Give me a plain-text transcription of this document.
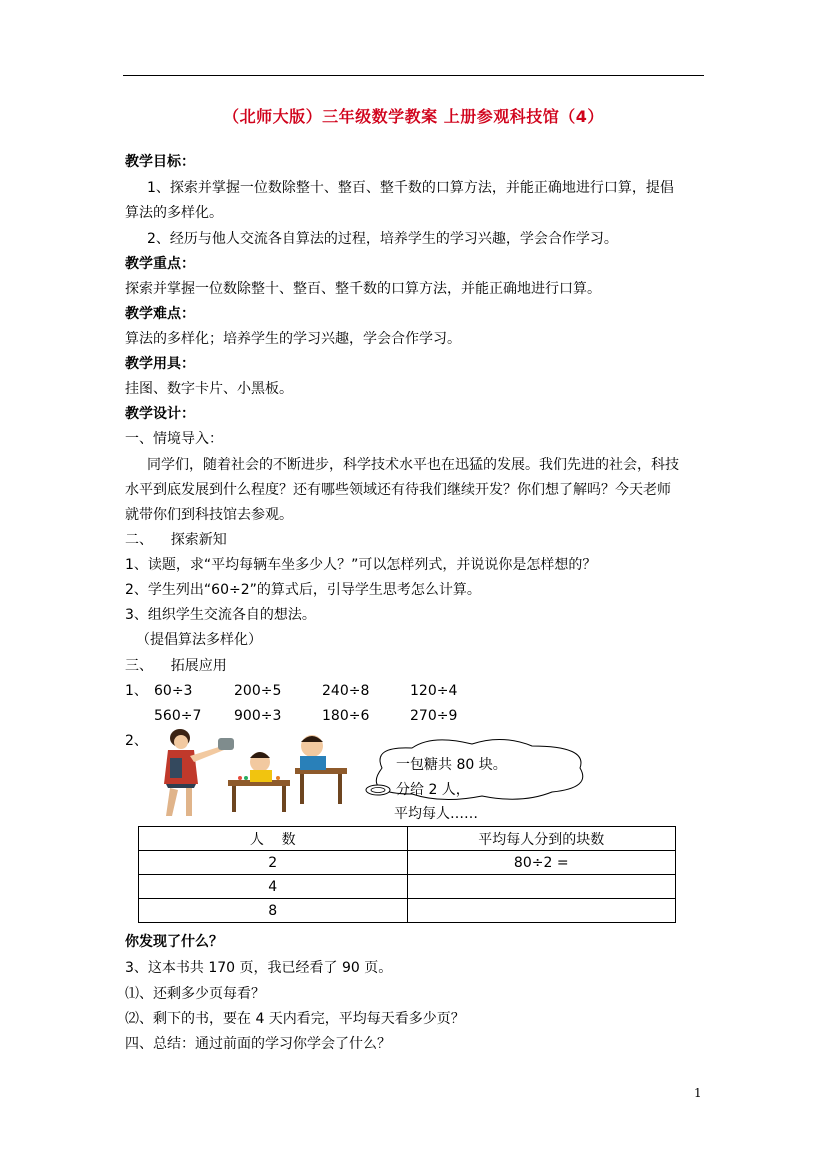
（北师大版）三年级数学教案 上册参观科技馆（4）
教学目标：
1、探索并掌握一位数除整十、整百、整千数的口算方法，并能正确地进行口算，提倡
算法的多样化。
2、经历与他人交流各自算法的过程，培养学生的学习兴趣，学会合作学习。
教学重点：
探索并掌握一位数除整十、整百、整千数的口算方法，并能正确地进行口算。
教学难点：
算法的多样化；培养学生的学习兴趣，学会合作学习。
教学用具：
挂图、数字卡片、小黑板。
教学设计：
一、情境导入：
同学们，随着社会的不断进步，科学技术水平也在迅猛的发展。我们先进的社会，科技
水平到底发展到什么程度？还有哪些领域还有待我们继续开发？你们想了解吗？今天老师
就带你们到科技馆去参观。
二、    探索新知
1、读题，求“平均每辆车坐多少人？”可以怎样列式，并说说你是怎样想的？
2、学生列出“60÷2”的算式后，引导学生思考怎么计算。
3、组织学生交流各自的想法。
（提倡算法多样化）
三、    拓展应用
1、 60÷3	200÷5	240÷8	120÷4
560÷7 900÷3	180÷6	270÷9
2、
一包糖共 80 块。
分给 2 人，
平均每人……
人    数	平均每人分到的块数
2	80÷2 =
4	
8	
你发现了什么？
3、这本书共 170 页，我已经看了 90 页。
⑴、还剩多少页每看？
⑵、剩下的书，要在 4 天内看完，平均每天看多少页？
四、总结：通过前面的学习你学会了什么？
1
